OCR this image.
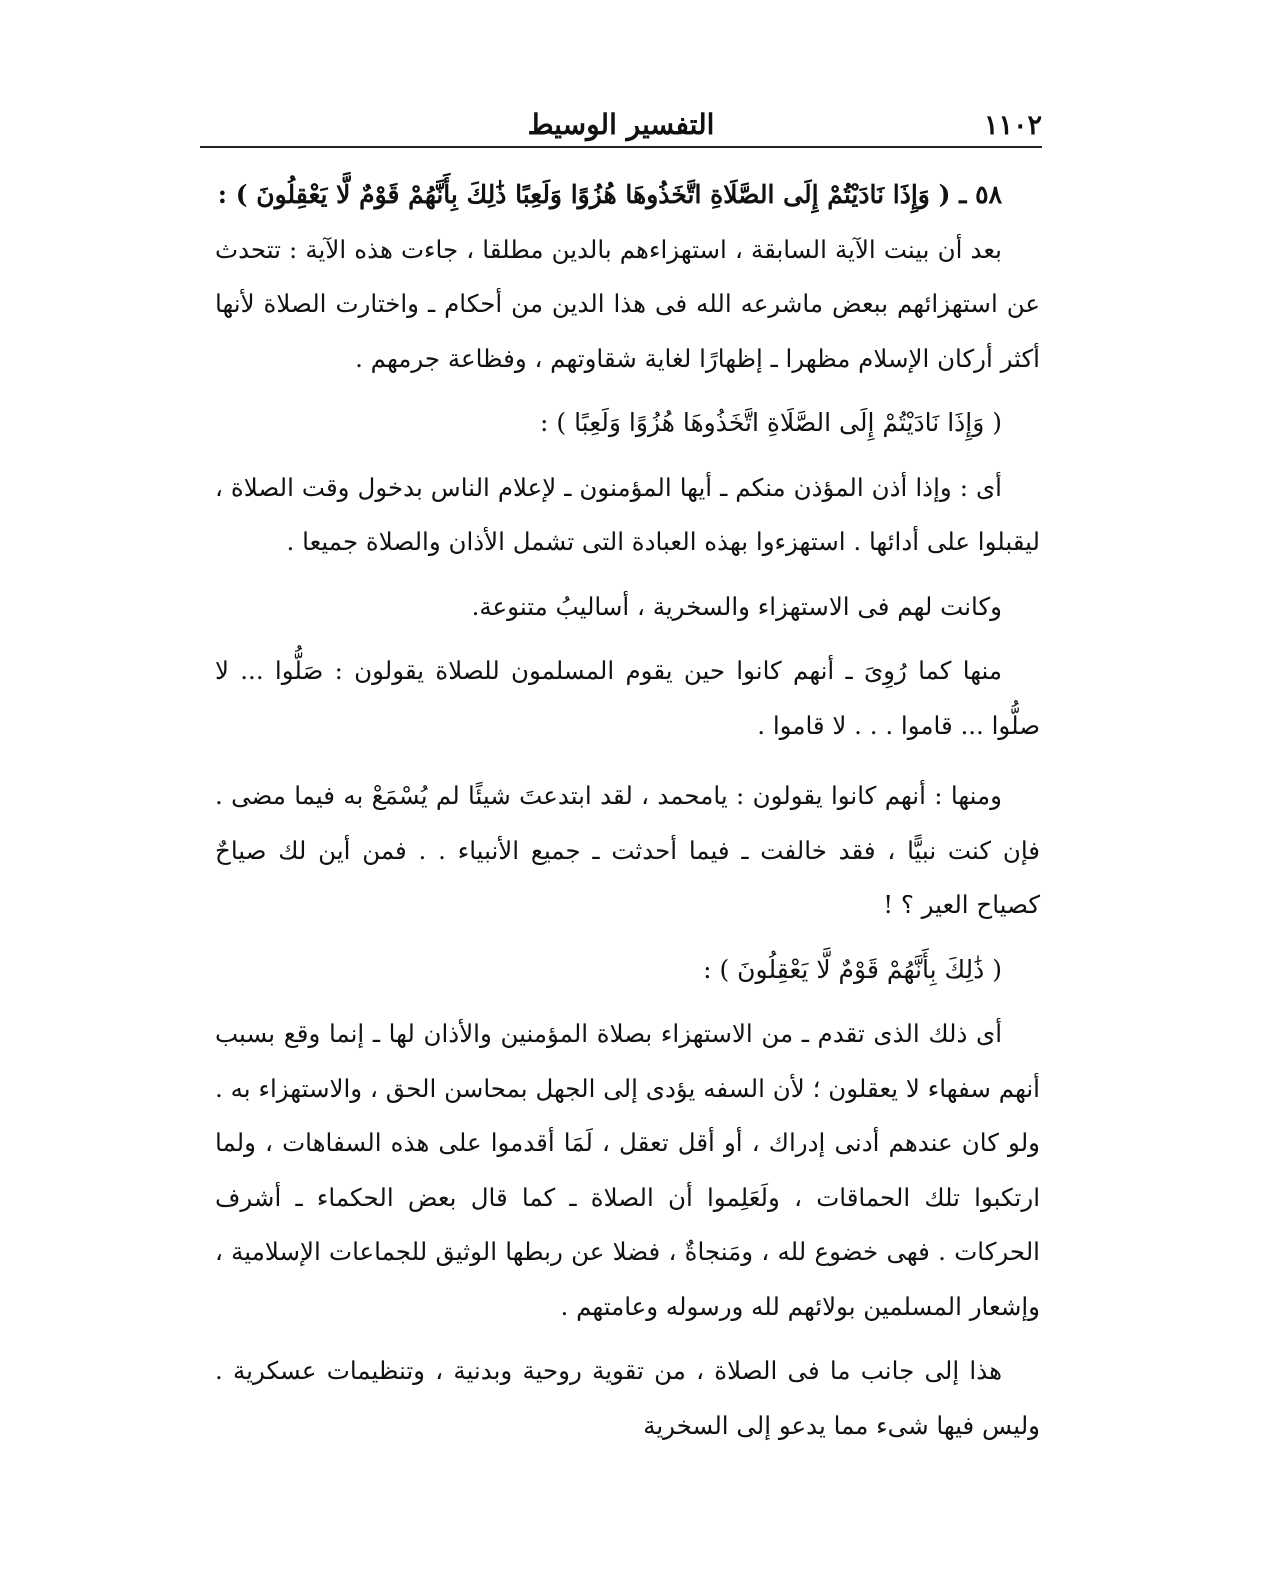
١١٠٢
التفسير الوسيط

٥٨ ـ ( وَإِذَا نَادَيْتُمْ إِلَى الصَّلَاةِ اتَّخَذُوهَا هُزُوًا وَلَعِبًا ذَٰلِكَ بِأَنَّهُمْ قَوْمٌ لَّا يَعْقِلُونَ ) :

بعد أن بينت الآية السابقة ، استهزاءهم بالدين مطلقا ، جاءت هذه الآية : تتحدث عن استهزائهم ببعض ماشرعه الله فى هذا الدين من أحكام ـ واختارت الصلاة لأنها أكثر أركان الإسلام مظهرا ـ إظهارًا لغاية شقاوتهم ، وفظاعة جرمهم .

( وَإِذَا نَادَيْتُمْ إِلَى الصَّلَاةِ اتَّخَذُوهَا هُزُوًا وَلَعِبًا ) :

أى : وإذا أذن المؤذن منكم ـ أيها المؤمنون ـ لإعلام الناس بدخول وقت الصلاة ، ليقبلوا على أدائها . استهزءوا بهذه العبادة التى تشمل الأذان والصلاة جميعا .

وكانت لهم فى الاستهزاء والسخرية ، أساليبُ متنوعة.

منها كما رُوِىَ ـ أنهم كانوا حين يقوم المسلمون للصلاة يقولون : صَلُّوا ... لا صلُّوا ... قاموا . . . لا قاموا .

ومنها : أنهم كانوا يقولون : يامحمد ، لقد ابتدعتَ شيئًا لم يُسْمَعْ به فيما مضى . فإن كنت نبيًّا ، فقد خالفت ـ فيما أحدثت ـ جميع الأنبياء . . فمن أين لك صياحٌ كصياح العير ؟ !

( ذَٰلِكَ بِأَنَّهُمْ قَوْمٌ لَّا يَعْقِلُونَ ) :

أى ذلك الذى تقدم ـ من الاستهزاء بصلاة المؤمنين والأذان لها ـ إنما وقع بسبب أنهم سفهاء لا يعقلون ؛ لأن السفه يؤدى إلى الجهل بمحاسن الحق ، والاستهزاء به . ولو كان عندهم أدنى إدراك ، أو أقل تعقل ، لَمَا أقدموا على هذه السفاهات ، ولما ارتكبوا تلك الحماقات ، ولَعَلِموا أن الصلاة ـ كما قال بعض الحكماء ـ أشرف الحركات . فهى خضوع لله ، ومَنجاةٌ ، فضلا عن ربطها الوثيق للجماعات الإسلامية ، وإشعار المسلمين بولائهم لله ورسوله وعامتهم .

هذا إلى جانب ما فى الصلاة ، من تقوية روحية وبدنية ، وتنظيمات عسكرية . وليس فيها شىء مما يدعو إلى السخرية
